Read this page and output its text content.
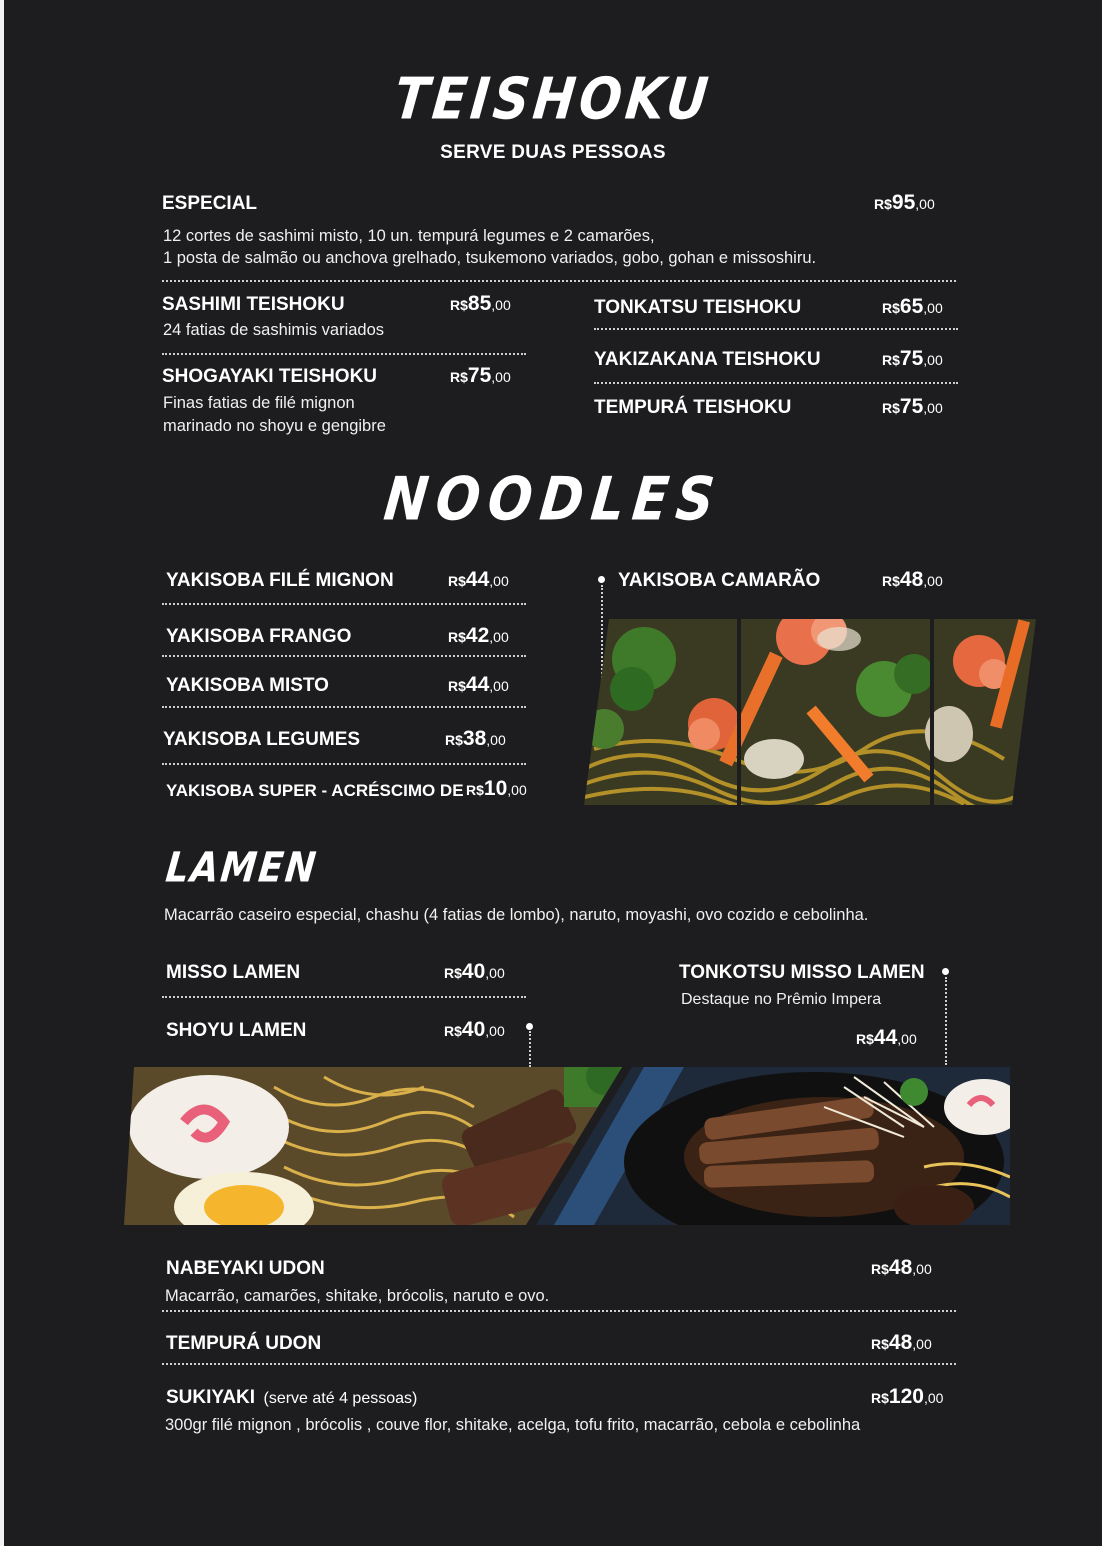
TEISHOKU
SERVE DUAS PESSOAS
ESPECIAL	R$95,00
12 cortes de sashimi misto, 10 un. tempurá legumes e 2 camarões,
1 posta de salmão ou anchova grelhado, tsukemono variados, gobo, gohan e missoshiru.
SASHIMI TEISHOKU	R$85,00
24 fatias de sashimis variados
SHOGAYAKI TEISHOKU	R$75,00
Finas fatias de filé mignon
marinado no shoyu e gengibre
TONKATSU TEISHOKU	R$65,00
YAKIZAKANA TEISHOKU	R$75,00
TEMPURÁ TEISHOKU	R$75,00
NOODLES
YAKISOBA FILÉ MIGNON	R$44,00
YAKISOBA FRANGO	R$42,00
YAKISOBA MISTO	R$44,00
YAKISOBA LEGUMES	R$38,00
YAKISOBA SUPER - ACRÉSCIMO DE R$10,00
YAKISOBA CAMARÃO	R$48,00
LAMEN
Macarrão caseiro especial, chashu (4 fatias de lombo), naruto, moyashi, ovo cozido e cebolinha.
MISSO LAMEN	R$40,00
SHOYU LAMEN	R$40,00
TONKOTSU MISSO LAMEN
Destaque no Prêmio Impera
R$44,00
NABEYAKI UDON	R$48,00
Macarrão, camarões, shitake, brócolis, naruto e ovo.
TEMPURÁ UDON	R$48,00
SUKIYAKI (serve até 4 pessoas)	R$120,00
300gr filé mignon , brócolis , couve flor, shitake, acelga, tofu frito, macarrão, cebola e cebolinha
